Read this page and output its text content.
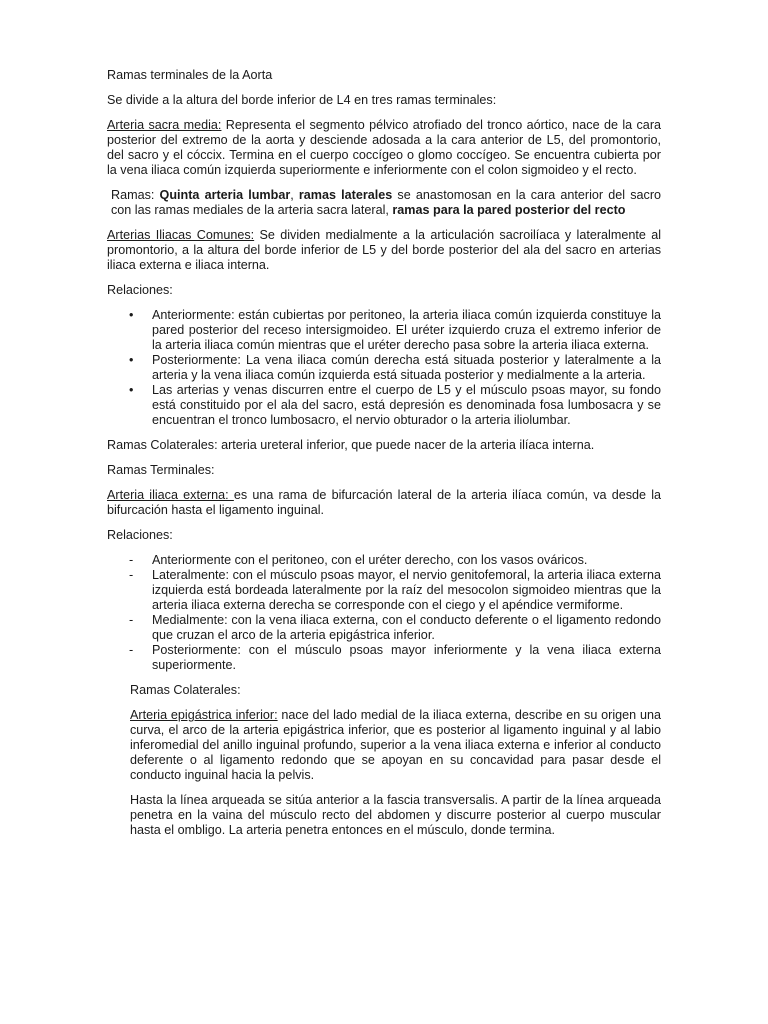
Ramas terminales de la Aorta

Se divide a la altura del borde inferior de L4 en tres ramas terminales:

Arteria sacra media: Representa el segmento pélvico atrofiado del tronco aórtico, nace de la cara posterior del extremo de la aorta y desciende adosada a la cara anterior de L5, del promontorio, del sacro y el cóccix. Termina en el cuerpo coccígeo o glomo coccígeo. Se encuentra cubierta por la vena iliaca común izquierda superiormente e inferiormente con el colon sigmoideo y el recto.

Ramas: Quinta arteria lumbar, ramas laterales se anastomosan en la cara anterior del sacro con las ramas mediales de la arteria sacra lateral, ramas para la pared posterior del recto

Arterias Iliacas Comunes: Se dividen medialmente a la articulación sacroilíaca y lateralmente al promontorio, a la altura del borde inferior de L5 y del borde posterior del ala del sacro en arterias iliaca externa e iliaca interna.

Relaciones:

• Anteriormente: están cubiertas por peritoneo, la arteria iliaca común izquierda constituye la pared posterior del receso intersigmoideo. El uréter izquierdo cruza el extremo inferior de la arteria iliaca común mientras que el uréter derecho pasa sobre la arteria iliaca externa.
• Posteriormente: La vena iliaca común derecha está situada posterior y lateralmente a la arteria y la vena iliaca común izquierda está situada posterior y medialmente a la arteria.
• Las arterias y venas discurren entre el cuerpo de L5 y el músculo psoas mayor, su fondo está constituido por el ala del sacro, está depresión es denominada fosa lumbosacra y se encuentran el tronco lumbosacro, el nervio obturador o la arteria iliolumbar.

Ramas Colaterales: arteria ureteral inferior, que puede nacer de la arteria ilíaca interna.

Ramas Terminales:

Arteria iliaca externa: es una rama de bifurcación lateral de la arteria ilíaca común, va desde la bifurcación hasta el ligamento inguinal.

Relaciones:

- Anteriormente con el peritoneo, con el uréter derecho, con los vasos ováricos.
- Lateralmente: con el músculo psoas mayor, el nervio genitofemoral, la arteria iliaca externa izquierda está bordeada lateralmente por la raíz del mesocolon sigmoideo mientras que la arteria iliaca externa derecha se corresponde con el ciego y el apéndice vermiforme.
- Medialmente: con la vena iliaca externa, con el conducto deferente o el ligamento redondo que cruzan el arco de la arteria epigástrica inferior.
- Posteriormente: con el músculo psoas mayor inferiormente y la vena iliaca externa superiormente.

Ramas Colaterales:

Arteria epigástrica inferior: nace del lado medial de la iliaca externa, describe en su origen una curva, el arco de la arteria epigástrica inferior, que es posterior al ligamento inguinal y al labio inferomedial del anillo inguinal profundo, superior a la vena iliaca externa e inferior al conducto deferente o al ligamento redondo que se apoyan en su concavidad para pasar desde el conducto inguinal hacia la pelvis.

Hasta la línea arqueada se sitúa anterior a la fascia transversalis. A partir de la línea arqueada penetra en la vaina del músculo recto del abdomen y discurre posterior al cuerpo muscular hasta el ombligo. La arteria penetra entonces en el músculo, donde termina.
